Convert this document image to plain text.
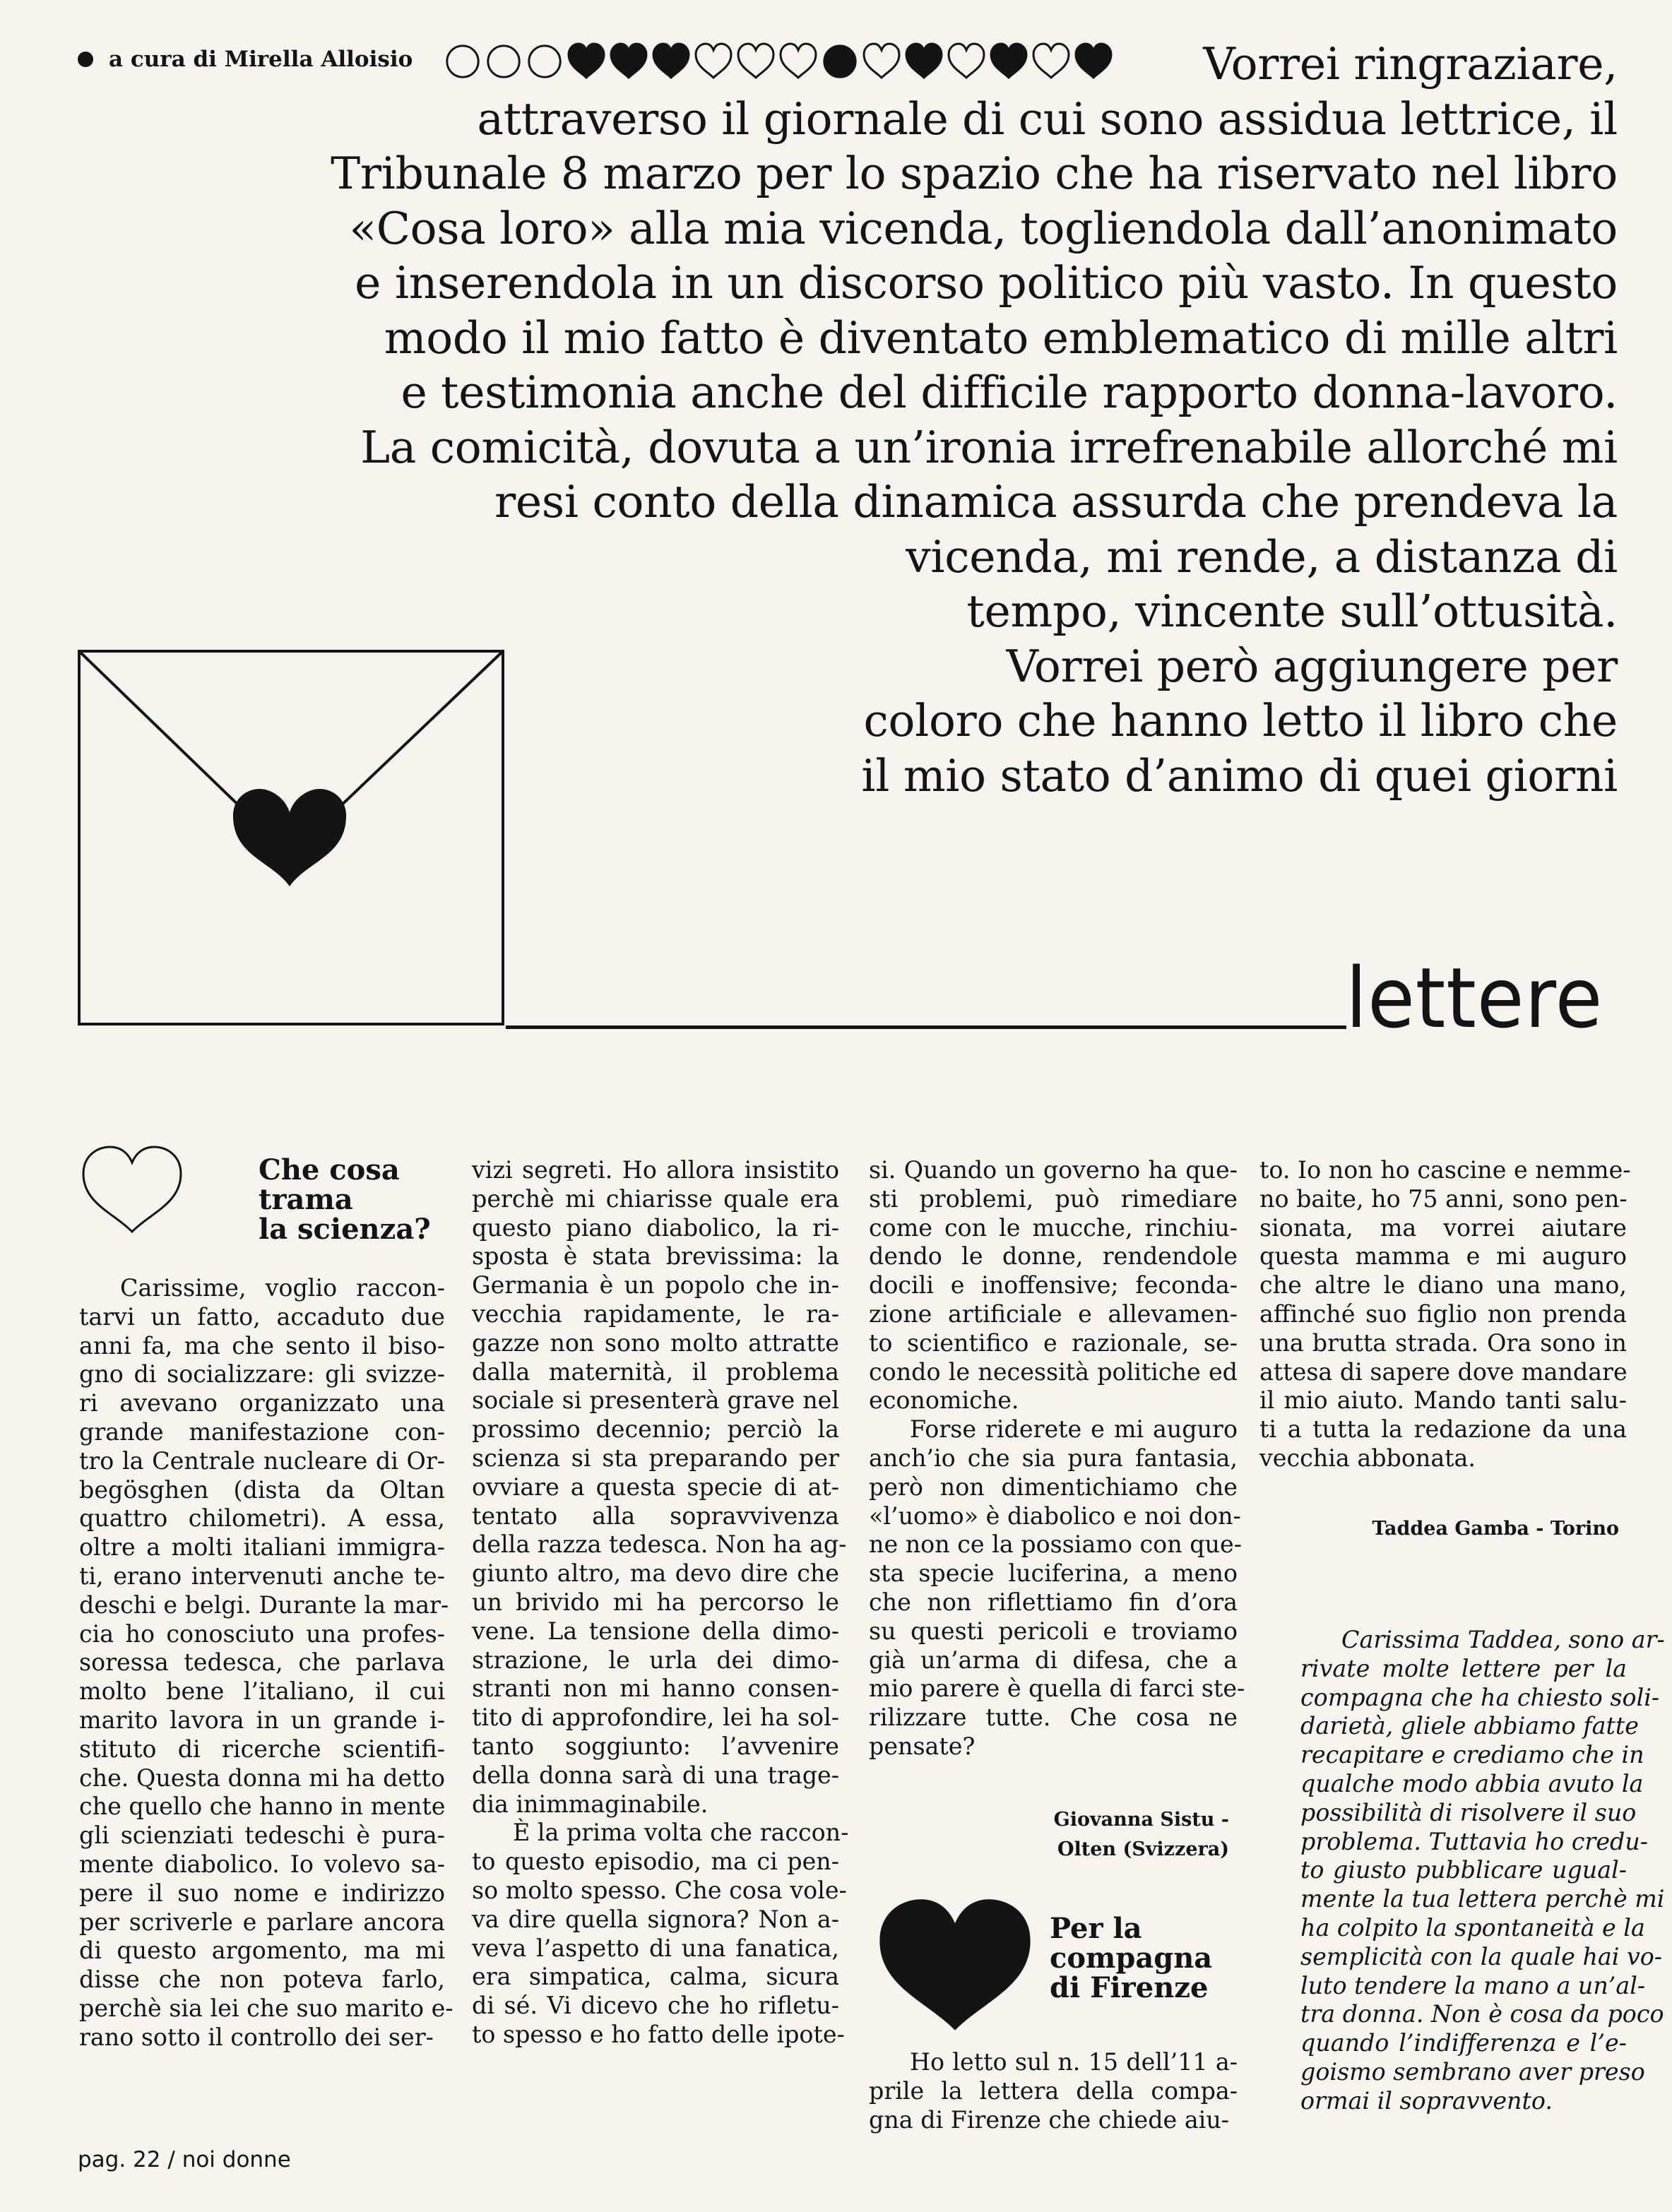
a cura di Mirella Alloisio	Vorrei ringraziare,
attraverso il giornale di cui sono assidua lettrice, il
Tribunale 8 marzo per lo spazio che ha riservato nel libro
«Cosa loro» alla mia vicenda, togliendola dall’anonimato
e inserendola in un discorso politico più vasto. In questo
modo il mio fatto è diventato emblematico di mille altri
e testimonia anche del difficile rapporto donna-lavoro.
La comicità, dovuta a un’ironia irrefrenabile allorché mi
resi conto della dinamica assurda che prendeva la
vicenda, mi rende, a distanza di
tempo, vincente sull’ottusità.
Vorrei però aggiungere per
coloro che hanno letto il libro che
il mio stato d’animo di quei giorni
lettere
Che cosa
trama
la scienza?

Carissime, voglio raccon-
tarvi un fatto, accaduto due
anni fa, ma che sento il biso-
gno di socializzare: gli svizze-
ri avevano organizzato una
grande manifestazione con-
tro la Centrale nucleare di Or-
begösghen (dista da Oltan
quattro chilometri). A essa,
oltre a molti italiani immigra-
ti, erano intervenuti anche te-
deschi e belgi. Durante la mar-
cia ho conosciuto una profes-
soressa tedesca, che parlava
molto bene l’italiano, il cui
marito lavora in un grande i-
stituto di ricerche scientifi-
che. Questa donna mi ha detto
che quello che hanno in mente
gli scienziati tedeschi è pura-
mente diabolico. Io volevo sa-
pere il suo nome e indirizzo
per scriverle e parlare ancora
di questo argomento, ma mi
disse che non poteva farlo,
perchè sia lei che suo marito e-
rano sotto il controllo dei ser-

vizi segreti. Ho allora insistito
perchè mi chiarisse quale era
questo piano diabolico, la ri-
sposta è stata brevissima: la
Germania è un popolo che in-
vecchia rapidamente, le ra-
gazze non sono molto attratte
dalla maternità, il problema
sociale si presenterà grave nel
prossimo decennio; perciò la
scienza si sta preparando per
ovviare a questa specie di at-
tentato alla sopravvivenza
della razza tedesca. Non ha ag-
giunto altro, ma devo dire che
un brivido mi ha percorso le
vene. La tensione della dimo-
strazione, le urla dei dimo-
stranti non mi hanno consen-
tito di approfondire, lei ha sol-
tanto soggiunto: l’avvenire
della donna sarà di una trage-
dia inimmaginabile.

È la prima volta che raccon-
to questo episodio, ma ci pen-
so molto spesso. Che cosa vole-
va dire quella signora? Non a-
veva l’aspetto di una fanatica,
era simpatica, calma, sicura
di sé. Vi dicevo che ho rifletu-
to spesso e ho fatto delle ipote-

si. Quando un governo ha que-
sti problemi, può rimediare
come con le mucche, rinchiu-
dendo le donne, rendendole
docili e inoffensive; feconda-
zione artificiale e allevamen-
to scientifico e razionale, se-
condo le necessità politiche ed
economiche.

Forse riderete e mi auguro
anch’io che sia pura fantasia,
però non dimentichiamo che
«l’uomo» è diabolico e noi don-
ne non ce la possiamo con que-
sta specie luciferina, a meno
che non riflettiamo fin d’ora
su questi pericoli e troviamo
già un’arma di difesa, che a
mio parere è quella di farci ste-
rilizzare tutte. Che cosa ne
pensate?

Giovanna Sistu -
Olten (Svizzera)
Per la
compagna
di Firenze

Ho letto sul n. 15 dell’11 a-
prile la lettera della compa-
gna di Firenze che chiede aiu-

to. Io non ho cascine e nemme-
no baite, ho 75 anni, sono pen-
sionata, ma vorrei aiutare
questa mamma e mi auguro
che altre le diano una mano,
affinché suo figlio non prenda
una brutta strada. Ora sono in
attesa di sapere dove mandare
il mio aiuto. Mando tanti salu-
ti a tutta la redazione da una
vecchia abbonata.

Taddea Gamba - Torino

Carissima Taddea, sono ar-
rivate molte lettere per la
compagna che ha chiesto soli-
darietà, gliele abbiamo fatte
recapitare e crediamo che in
qualche modo abbia avuto la
possibilità di risolvere il suo
problema. Tuttavia ho credu-
to giusto pubblicare ugual-
mente la tua lettera perchè mi
ha colpito la spontaneità e la
semplicità con la quale hai vo-
luto tendere la mano a un’al-
tra donna. Non è cosa da poco
quando l’indifferenza e l’e-
goismo sembrano aver preso
ormai il sopravvento.

pag. 22 / noi donne
